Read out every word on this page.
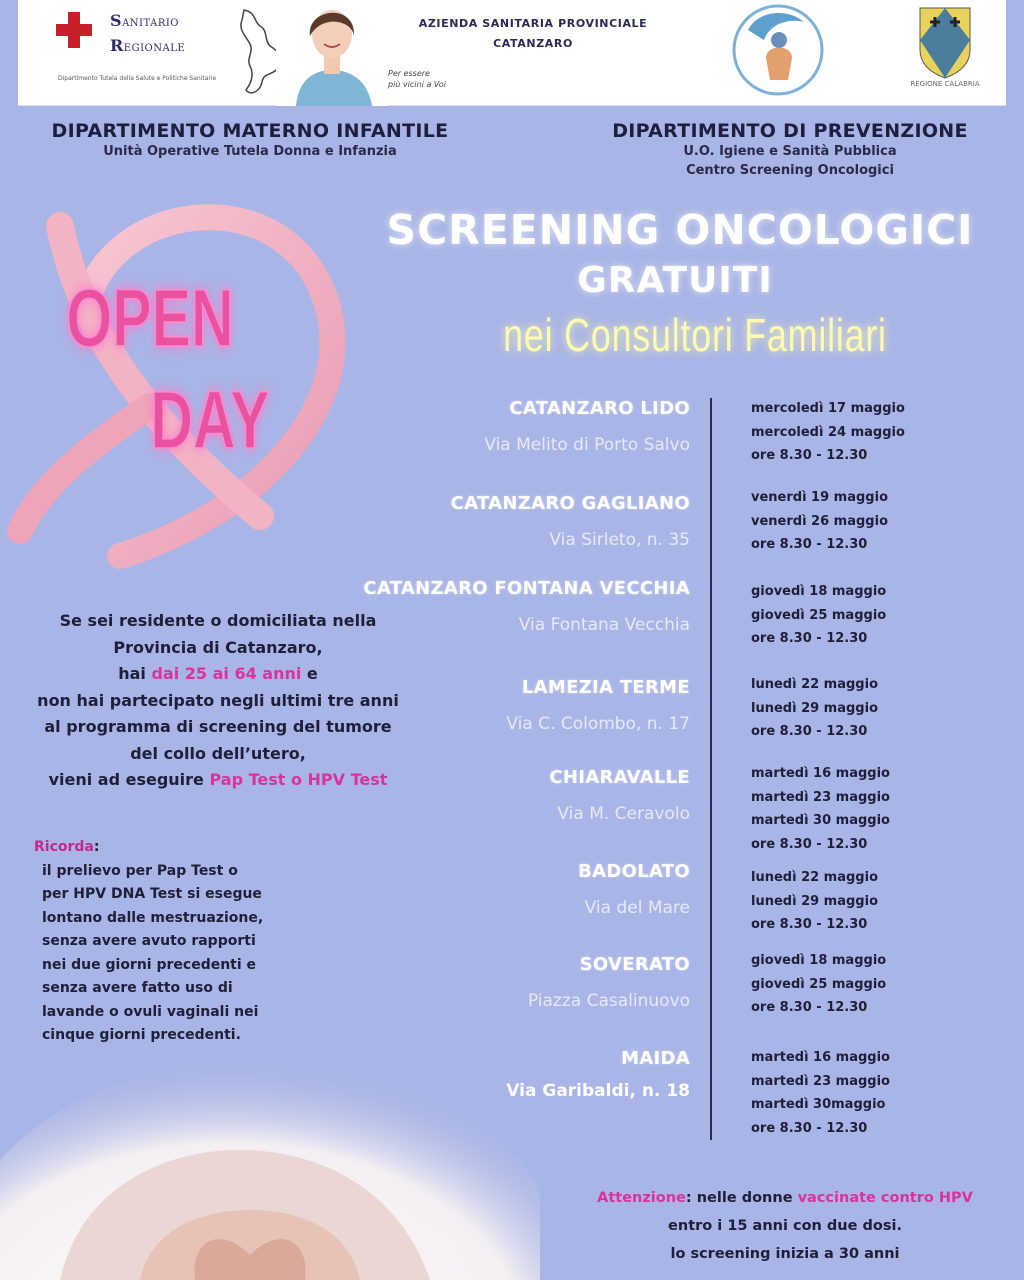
SANITARIO
REGIONALE
Dipartimento Tutela della Salute e Politiche Sanitarie
AZIENDA SANITARIA PROVINCIALE
CATANZARO
Per essere
più vicini a Voi	REGIONE CALABRIA
DIPARTIMENTO MATERNO INFANTILE
Unità Operative Tutela Donna e Infanzia
DIPARTIMENTO DI PREVENZIONE
U.O. Igiene e Sanità Pubblica
Centro Screening Oncologici
OPEN
DAY
SCREENING ONCOLOGICI
GRATUITI
nei Consultori Familiari
CATANZARO LIDO
Via Melito di Porto Salvo
mercoledì 17 maggio
mercoledì 24 maggio
ore 8.30 - 12.30
CATANZARO GAGLIANO
Via Sirleto, n. 35
venerdì 19 maggio
venerdì 26 maggio
ore 8.30 - 12.30
CATANZARO FONTANA VECCHIA
Via Fontana Vecchia
giovedì 18 maggio
giovedì 25 maggio
ore 8.30 - 12.30
LAMEZIA TERME
Via C. Colombo, n. 17
lunedì 22 maggio
lunedì 29 maggio
ore 8.30 - 12.30
CHIARAVALLE
Via M. Ceravolo
martedì 16 maggio
martedì 23 maggio
martedì 30 maggio
ore 8.30 - 12.30
BADOLATO
Via del Mare
lunedì 22 maggio
lunedì 29 maggio
ore 8.30 - 12.30
SOVERATO
Piazza Casalinuovo
giovedì 18 maggio
giovedì 25 maggio
ore 8.30 - 12.30
MAIDA
Via Garibaldi, n. 18
martedì 16 maggio
martedì 23 maggio
martedì 30maggio
ore 8.30 - 12.30
Se sei residente o domiciliata nella
Provincia di Catanzaro,
hai dai 25 ai 64 anni e
non hai partecipato negli ultimi tre anni
al programma di screening del tumore
del collo dell’utero,
vieni ad eseguire Pap Test o HPV Test
Ricorda:
il prelievo per Pap Test o
per HPV DNA Test si esegue
lontano dalle mestruazione,
senza avere avuto rapporti
nei due giorni precedenti e
senza avere fatto uso di
lavande o ovuli vaginali nei
cinque giorni precedenti.
Attenzione: nelle donne vaccinate contro HPV
entro i 15 anni con due dosi.
lo screening inizia a 30 anni
